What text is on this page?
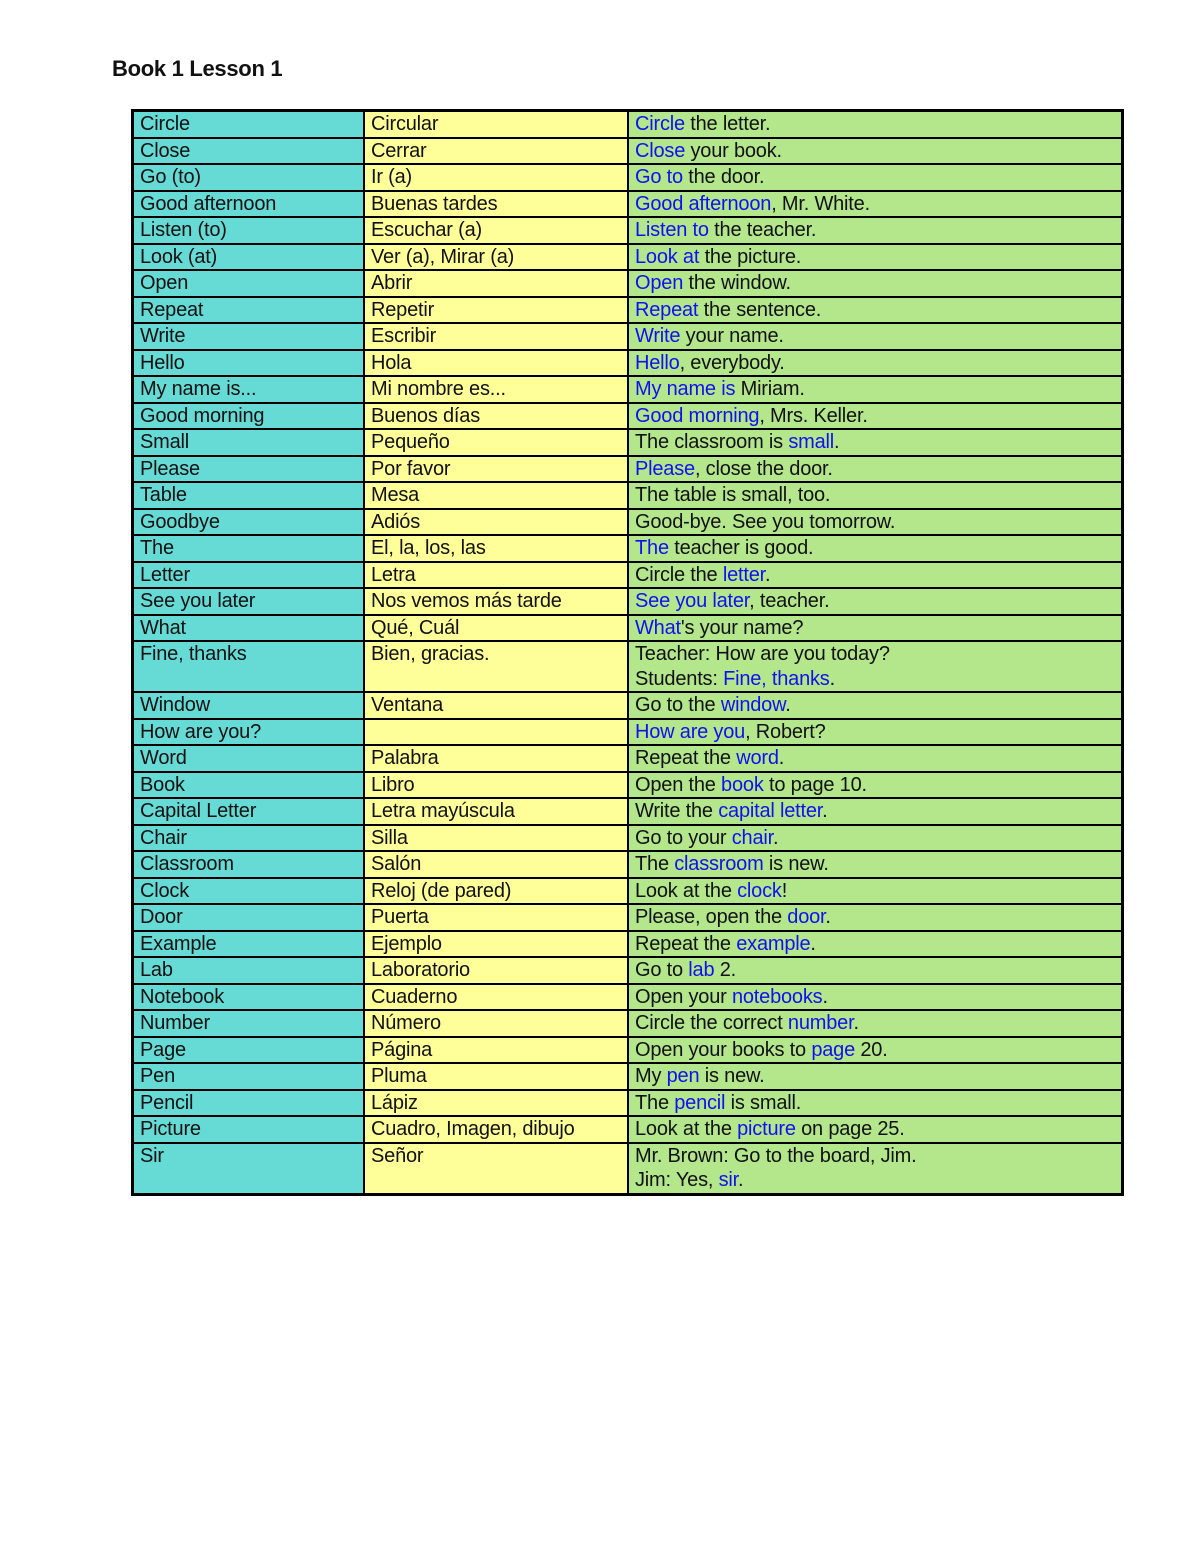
Book 1 Lesson 1
Circle	Circular	Circle the letter.

Close	Cerrar	Close your book.

Go (to)	Ir (a)	Go to the door.

Good afternoon	Buenas tardes	Good afternoon, Mr. White.

Listen (to)	Escuchar (a)	Listen to the teacher.

Look (at)	Ver (a), Mirar (a)	Look at the picture.

Open	Abrir	Open the window.

Repeat	Repetir	Repeat the sentence.

Write	Escribir	Write your name.

Hello	Hola	Hello, everybody.

My name is...	Mi nombre es...	My name is Miriam.

Good morning	Buenos días	Good morning, Mrs. Keller.

Small	Pequeño	The classroom is small.

Please	Por favor	Please, close the door.

Table	Mesa	The table is small, too.

Goodbye	Adiós	Good-bye. See you tomorrow.

The	El, la, los, las	The teacher is good.

Letter	Letra	Circle the letter.

See you later	Nos vemos más tarde	See you later, teacher.

What	Qué, Cuál	What's your name?

Fine, thanks	Bien, gracias.	Teacher: How are you today?
Students: Fine, thanks.

Window	Ventana	Go to the window.

How are you?		How are you, Robert?

Word	Palabra	Repeat the word.

Book	Libro	Open the book to page 10.

Capital Letter	Letra mayúscula	Write the capital letter.

Chair	Silla	Go to your chair.

Classroom	Salón	The classroom is new.

Clock	Reloj (de pared)	Look at the clock!

Door	Puerta	Please, open the door.

Example	Ejemplo	Repeat the example.

Lab	Laboratorio	Go to lab 2.

Notebook	Cuaderno	Open your notebooks.

Number	Número	Circle the correct number.

Page	Página	Open your books to page 20.

Pen	Pluma	My pen is new.

Pencil	Lápiz	The pencil is small.

Picture	Cuadro, Imagen, dibujo	Look at the picture on page 25.

Sir	Señor	Mr. Brown: Go to the board, Jim.
Jim: Yes, sir.
